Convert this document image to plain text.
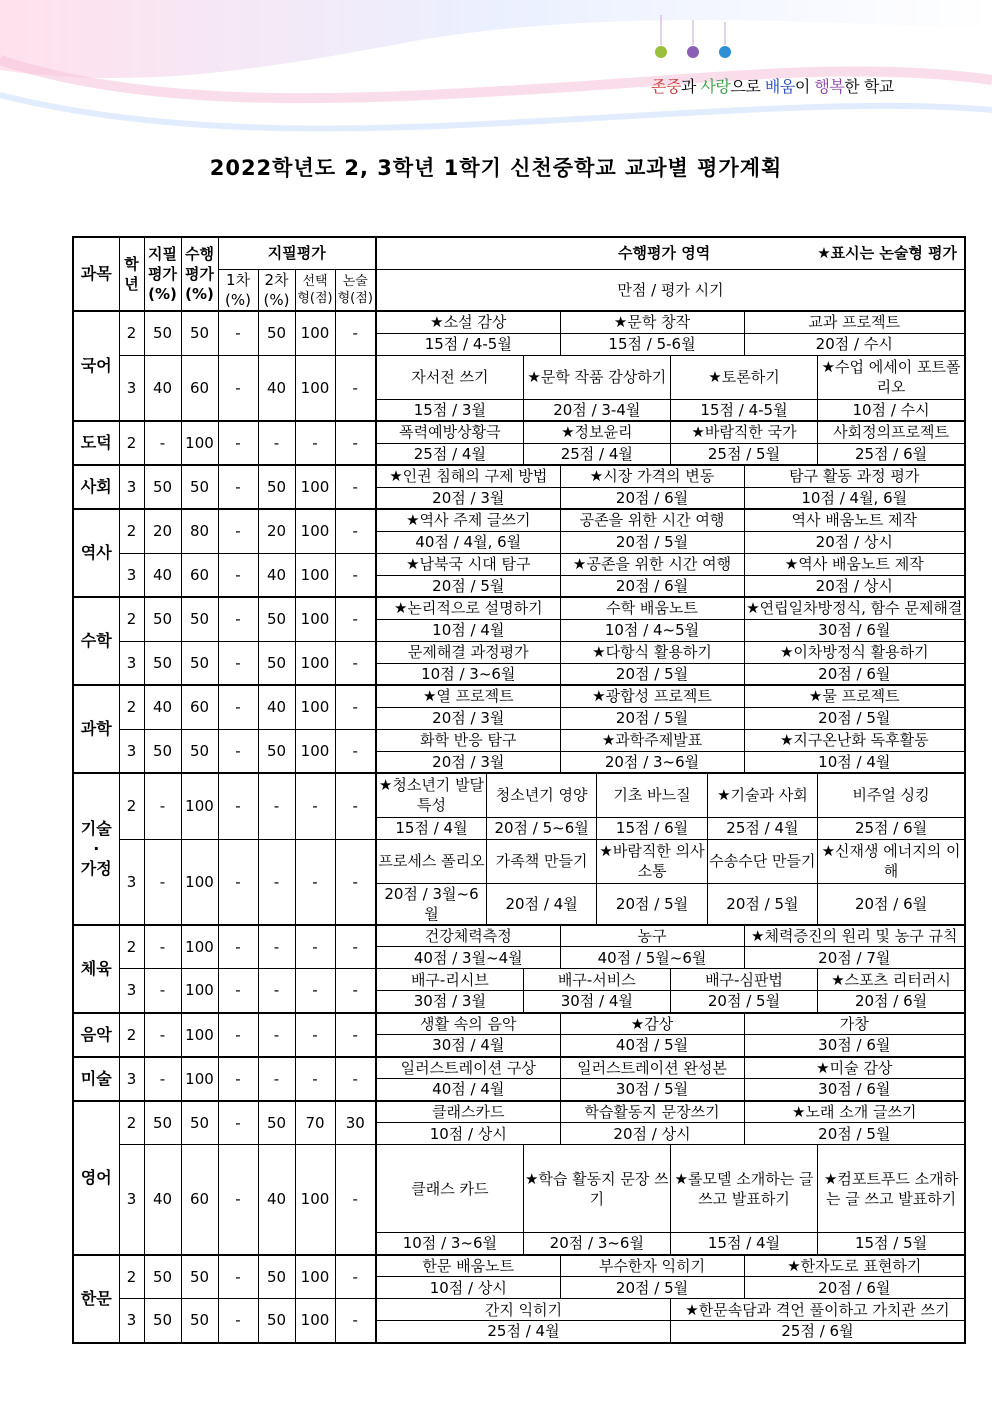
존중과 사랑으로 배움이 행복한 학교
2022학년도 2, 3학년 1학기 신천중학교 교과별 평가계획
과목	학년	지필평가(%)	수행평가(%)	지필평가				수행평가 영역 ★표시는 논술형 평가								

				1차(%)	2차(%)	선택형(점)	논술형(점)	만점 / 평가 시기								
국어	2	50	50	-	50	100	-	★소설 감상			★문학 창작				교과 프로젝트	
								15점 / 4-5월			15점 / 5-6월				20점 / 수시	
	3	40	60	-	40	100	-	자서전 쓰기		★문학 작품 감상하기			★토론하기			★수업 에세이 포트폴리오
								15점 / 3월		20점 / 3-4월			15점 / 4-5월			10점 / 수시
도덕	2	-	100	-	-	-	-	폭력예방상황극		★정보윤리			★바람직한 국가			사회정의프로젝트
								25점 / 4월		25점 / 4월			25점 / 5월			25점 / 6월
사회	3	50	50	-	50	100	-	★인권 침해의 구제 방법			★시장 가격의 변동				탐구 활동 과정 평가	
								20점 / 3월			20점 / 6월				10점 / 4월, 6월	
역사	2	20	80	-	20	100	-	★역사 주제 글쓰기			공존을 위한 시간 여행				역사 배움노트 제작	
								40점 / 4월, 6월			20점 / 5월				20점 / 상시	
	3	40	60	-	40	100	-	★남북국 시대 탐구			★공존을 위한 시간 여행				★역사 배움노트 제작	
								20점 / 5월			20점 / 6월				20점 / 상시	
수학	2	50	50	-	50	100	-	★논리적으로 설명하기			수학 배움노트				★연립일차방정식, 함수 문제해결	
								10점 / 4월			10점 / 4~5월				30점 / 6월	
	3	50	50	-	50	100	-	문제해결 과정평가			★다항식 활용하기				★이차방정식 활용하기	
								10점 / 3~6월			20점 / 5월				20점 / 6월	
과학	2	40	60	-	40	100	-	★열 프로젝트			★광합성 프로젝트				★물 프로젝트	
								20점 / 3월			20점 / 5월				20점 / 5월	
	3	50	50	-	50	100	-	화학 반응 탐구			★과학주제발표				★지구온난화 독후활동	
								20점 / 3월			20점 / 3~6월				10점 / 4월	

기술
·
가정	2	-	100	-	-	-	-	★청소년기 발달 특성	청소년기 영양			기초 바느질		★기술과 사회		비주얼 싱킹
								15점 / 4월	20점 / 5~6월			15점 / 6월		25점 / 4월		25점 / 6월
	3	-	100	-	-	-	-	프로세스 폴리오	가족책 만들기			★바람직한 의사소통		수송수단 만들기		★신재생 에너지의 이해
								20점 / 3월~6월	20점 / 4월			20점 / 5월		20점 / 5월		20점 / 6월
체육	2	-	100	-	-	-	-	건강체력측정			농구				★체력증진의 원리 및 농구 규칙	
								40점 / 3월~4월			40점 / 5월~6월				20점 / 7월	
	3	-	100	-	-	-	-	배구-리시브		배구-서비스			배구-심판법			★스포츠 리터러시
								30점 / 3월		30점 / 4월			20점 / 5월			20점 / 6월
음악	2	-	100	-	-	-	-	생활 속의 음악			★감상				가창	
								30점 / 4월			40점 / 5월				30점 / 6월	
미술	3	-	100	-	-	-	-	일러스트레이션 구상			일러스트레이션 완성본				★미술 감상	
								40점 / 4월			30점 / 5월				30점 / 6월	
영어	2	50	50	-	50	70	30	클래스카드			학습활동지 문장쓰기				★노래 소개 글쓰기	
								10점 / 상시			20점 / 상시				20점 / 5월	
	3	40	60	-	40	100	-	클래스 카드		★학습 활동지 문장 쓰기			★롤모델 소개하는 글 쓰고 발표하기			★컴포트푸드 소개하는 글 쓰고 발표하기
								10점 / 3~6월		20점 / 3~6월			15점 / 4월			15점 / 5월
한문	2	50	50	-	50	100	-	한문 배움노트			부수한자 익히기				★한자도로 표현하기	
								10점 / 상시			20점 / 5월				20점 / 6월	
	3	50	50	-	50	100	-	간지 익히기					★한문속담과 격언 풀이하고 가치관 쓰기			
								25점 / 4월					25점 / 6월			
